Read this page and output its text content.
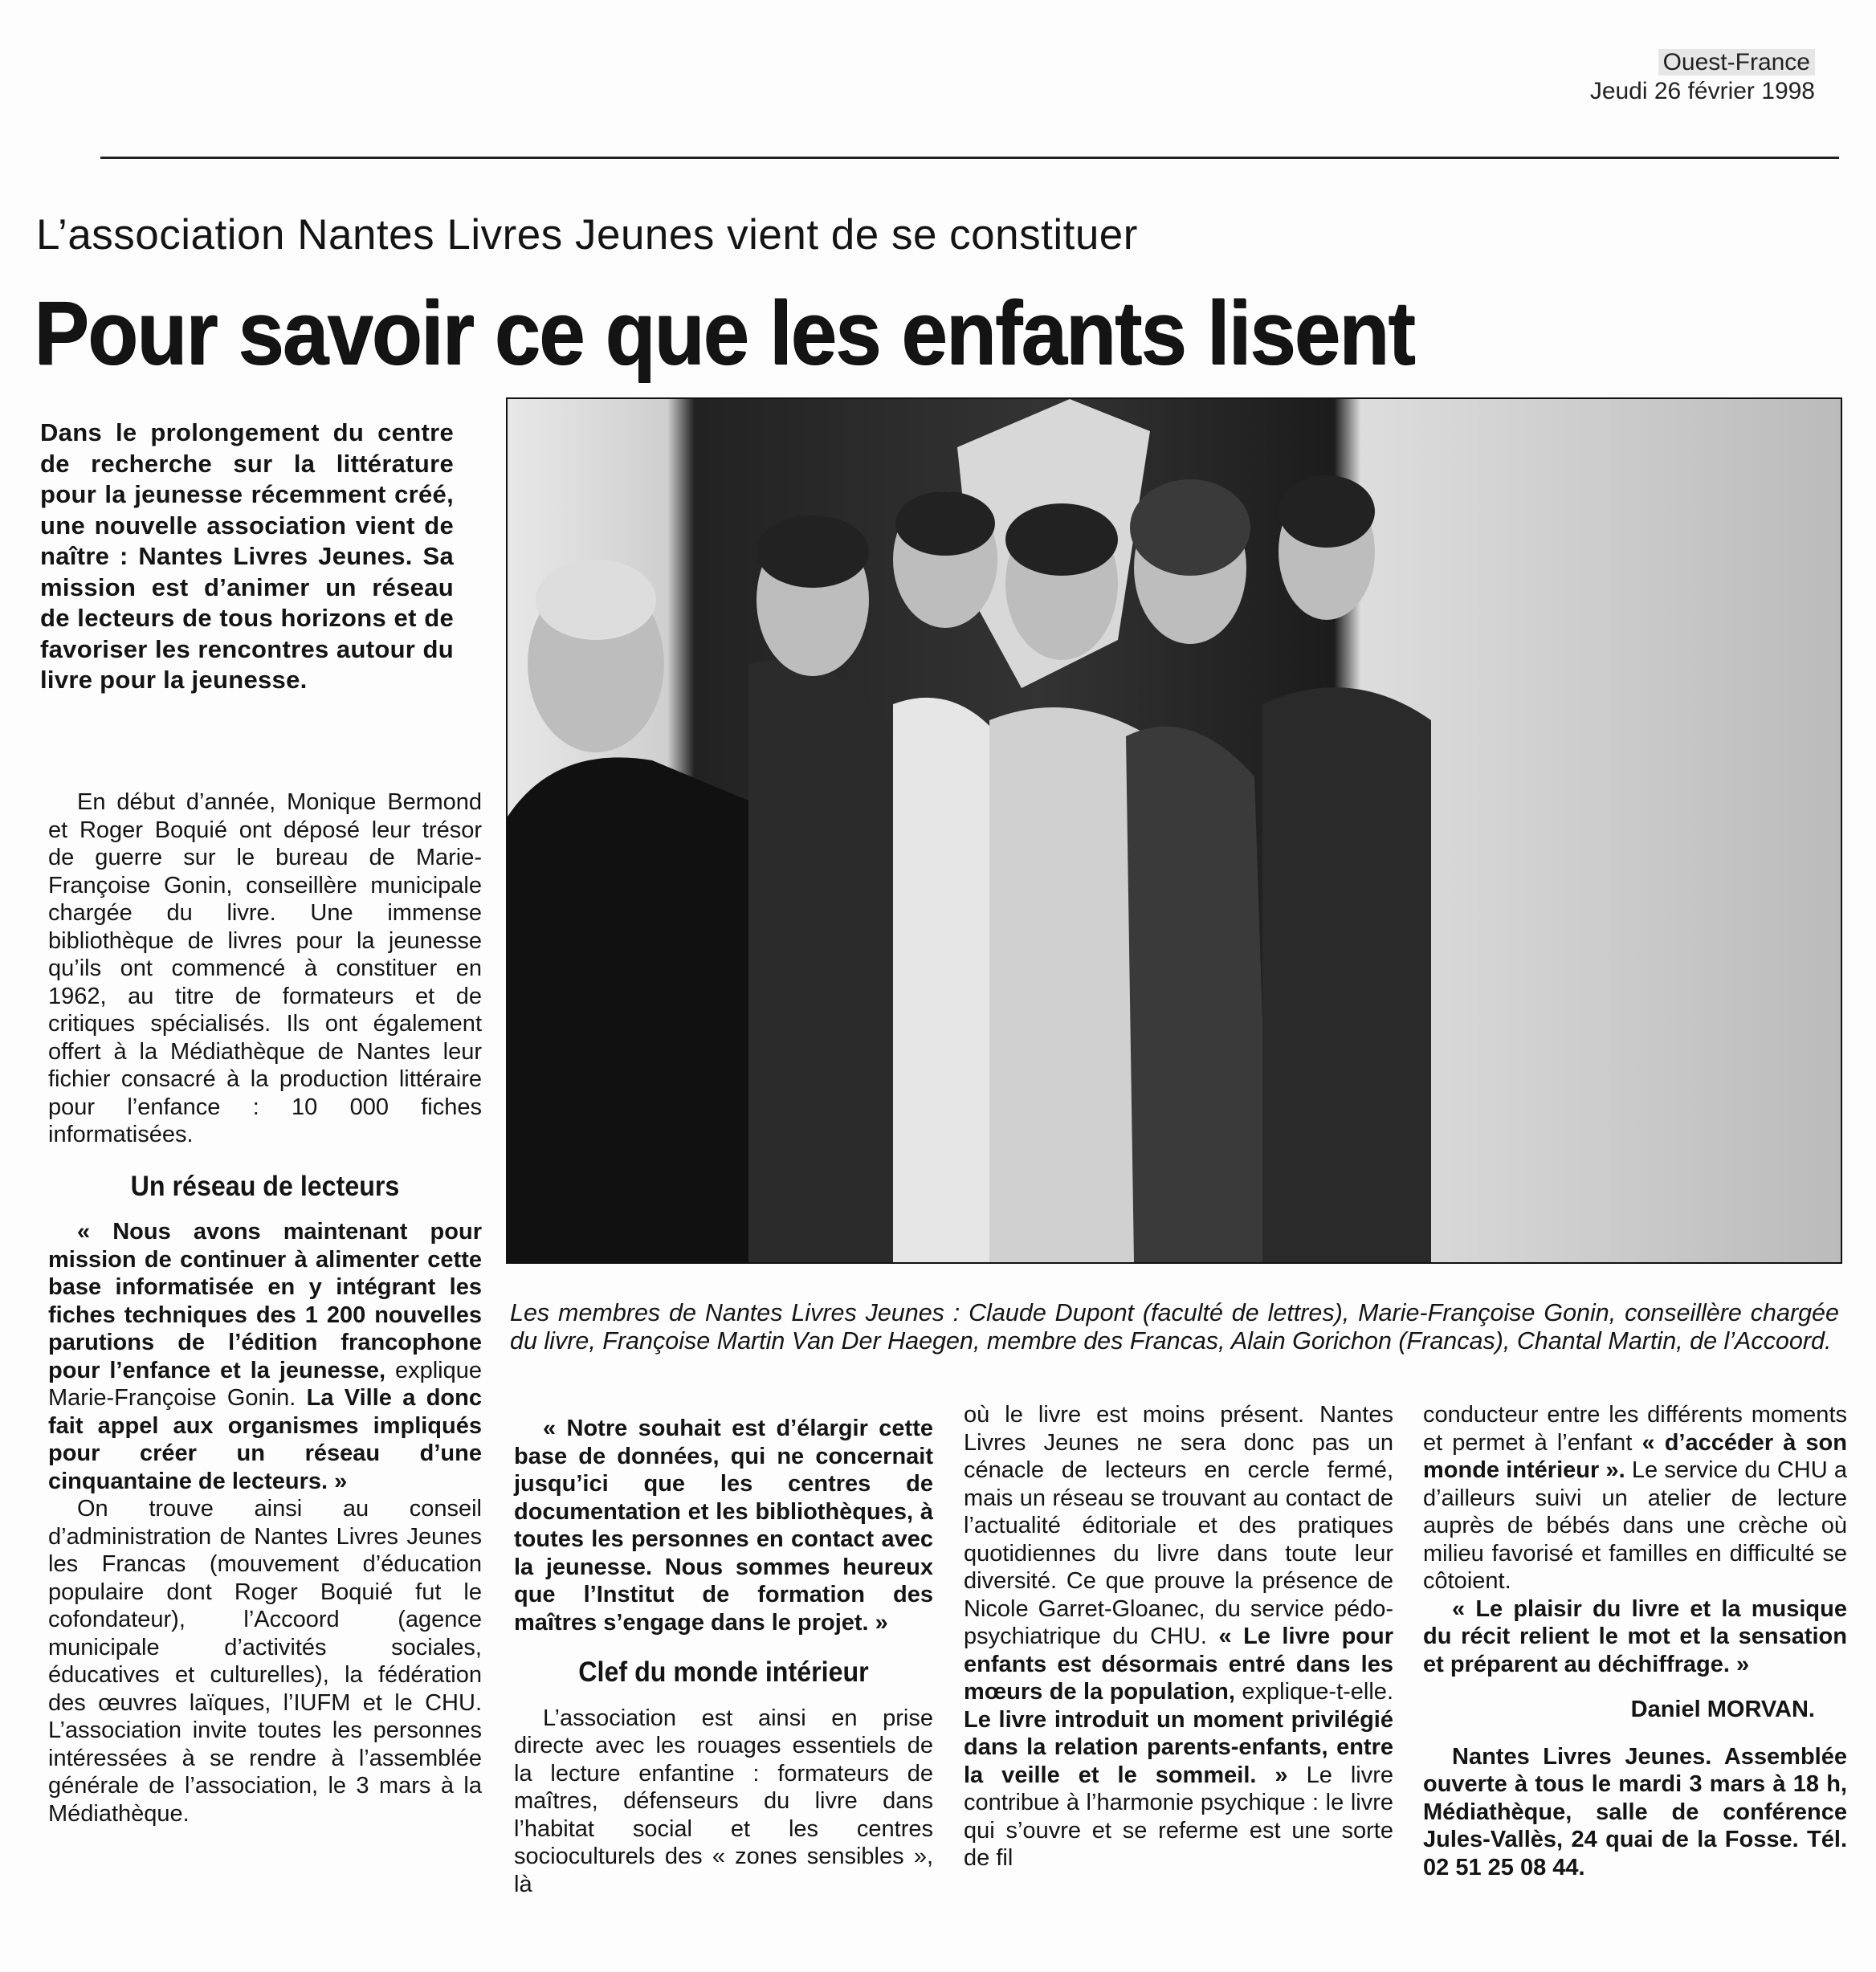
Ouest-France
Jeudi 26 février 1998
L’association Nantes Livres Jeunes vient de se constituer
Pour savoir ce que les enfants lisent
Dans le prolongement du centre de recherche sur la littérature pour la jeunesse récemment créé, une nouvelle association vient de naître : Nantes Livres Jeunes. Sa mission est d’animer un réseau de lecteurs de tous horizons et de favoriser les rencontres autour du livre pour la jeunesse.
Les membres de Nantes Livres Jeunes : Claude Dupont (faculté de lettres), Marie-Françoise Gonin, conseillère chargée du livre, Françoise Martin Van Der Haegen, membre des Francas, Alain Gorichon (Francas), Chantal Martin, de l’Accoord.

En début d’année, Monique Bermond et Roger Boquié ont déposé leur trésor de guerre sur le bureau de Marie-Françoise Gonin, conseillère municipale chargée du livre. Une immense bibliothèque de livres pour la jeunesse qu’ils ont commencé à constituer en 1962, au titre de formateurs et de critiques spécialisés. Ils ont également offert à la Médiathèque de Nantes leur fichier consacré à la production littéraire pour l’enfance : 10 000 fiches informatisées.

Un réseau de lecteurs

« Nous avons maintenant pour mission de continuer à alimenter cette base informatisée en y intégrant les fiches techniques des 1 200 nouvelles parutions de l’édition francophone pour l’enfance et la jeunesse, explique Marie-Françoise Gonin. La Ville a donc fait appel aux organismes impliqués pour créer un réseau d’une cinquantaine de lecteurs. »

On trouve ainsi au conseil d’administration de Nantes Livres Jeunes les Francas (mouvement d’éducation populaire dont Roger Boquié fut le cofondateur), l’Accoord (agence municipale d’activités sociales, éducatives et culturelles), la fédération des œuvres laïques, l’IUFM et le CHU. L’association invite toutes les personnes intéressées à se rendre à l’assemblée générale de l’association, le 3 mars à la Médiathèque.

« Notre souhait est d’élargir cette base de données, qui ne concernait jusqu’ici que les centres de documentation et les bibliothèques, à toutes les personnes en contact avec la jeunesse. Nous sommes heureux que l’Institut de formation des maîtres s’engage dans le projet. »

Clef du monde intérieur

L’association est ainsi en prise directe avec les rouages essentiels de la lecture enfantine : formateurs de maîtres, défenseurs du livre dans l’habitat social et les centres socioculturels des « zones sensibles », là

où le livre est moins présent. Nantes Livres Jeunes ne sera donc pas un cénacle de lecteurs en cercle fermé, mais un réseau se trouvant au contact de l’actualité éditoriale et des pratiques quotidiennes du livre dans toute leur diversité. Ce que prouve la présence de Nicole Garret-Gloanec, du service pédo-psychiatrique du CHU. « Le livre pour enfants est désormais entré dans les mœurs de la population, explique-t-elle. Le livre introduit un moment privilégié dans la relation parents-enfants, entre la veille et le sommeil. » Le livre contribue à l’harmonie psychique : le livre qui s’ouvre et se referme est une sorte de fil

conducteur entre les différents moments et permet à l’enfant « d’accéder à son monde intérieur ». Le service du CHU a d’ailleurs suivi un atelier de lecture auprès de bébés dans une crèche où milieu favorisé et familles en difficulté se côtoient.

« Le plaisir du livre et la musique du récit relient le mot et la sensation et préparent au déchiffrage. »

Daniel MORVAN.

Nantes Livres Jeunes. Assemblée ouverte à tous le mardi 3 mars à 18 h, Médiathèque, salle de conférence Jules-Vallès, 24 quai de la Fosse. Tél. 02 51 25 08 44.
